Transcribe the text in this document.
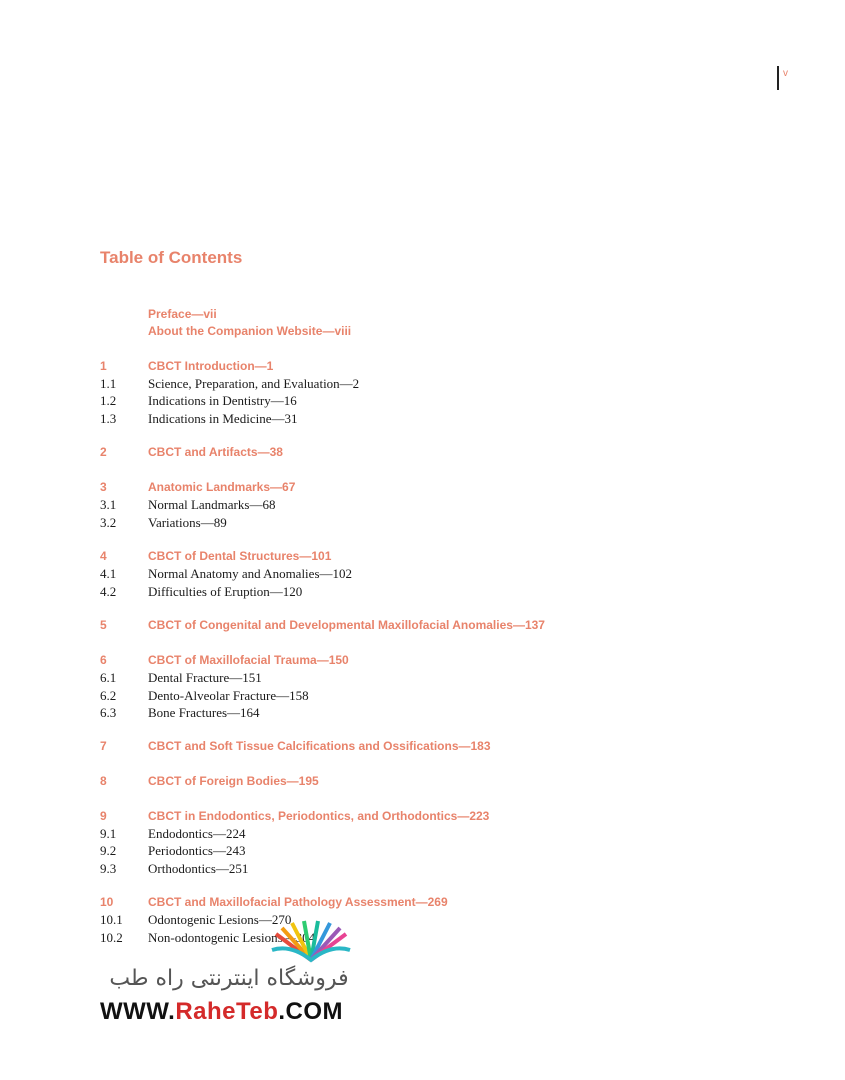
v
Table of Contents
Preface—vii
About the Companion Website—viii
1	CBCT Introduction—1
1.1	Science, Preparation, and Evaluation—2
1.2	Indications in Dentistry—16
1.3	Indications in Medicine—31
2	CBCT and Artifacts—38
3	Anatomic Landmarks—67
3.1	Normal Landmarks—68
3.2	Variations—89
4	CBCT of Dental Structures—101
4.1	Normal Anatomy and Anomalies—102
4.2	Difficulties of Eruption—120
5	CBCT of Congenital and Developmental Maxillofacial Anomalies—137
6	CBCT of Maxillofacial Trauma—150
6.1	Dental Fracture—151
6.2	Dento-Alveolar Fracture—158
6.3	Bone Fractures—164
7	CBCT and Soft Tissue Calcifications and Ossifications—183
8	CBCT of Foreign Bodies—195
9	CBCT in Endodontics, Periodontics, and Orthodontics—223
9.1	Endodontics—224
9.2	Periodontics—243
9.3	Orthodontics—251
10	CBCT and Maxillofacial Pathology Assessment—269
10.1	Odontogenic Lesions—270
10.2	Non-odontogenic Lesions—304
فروشگاه اینترنتی راه طب
WWW.RaheTeb.COM
